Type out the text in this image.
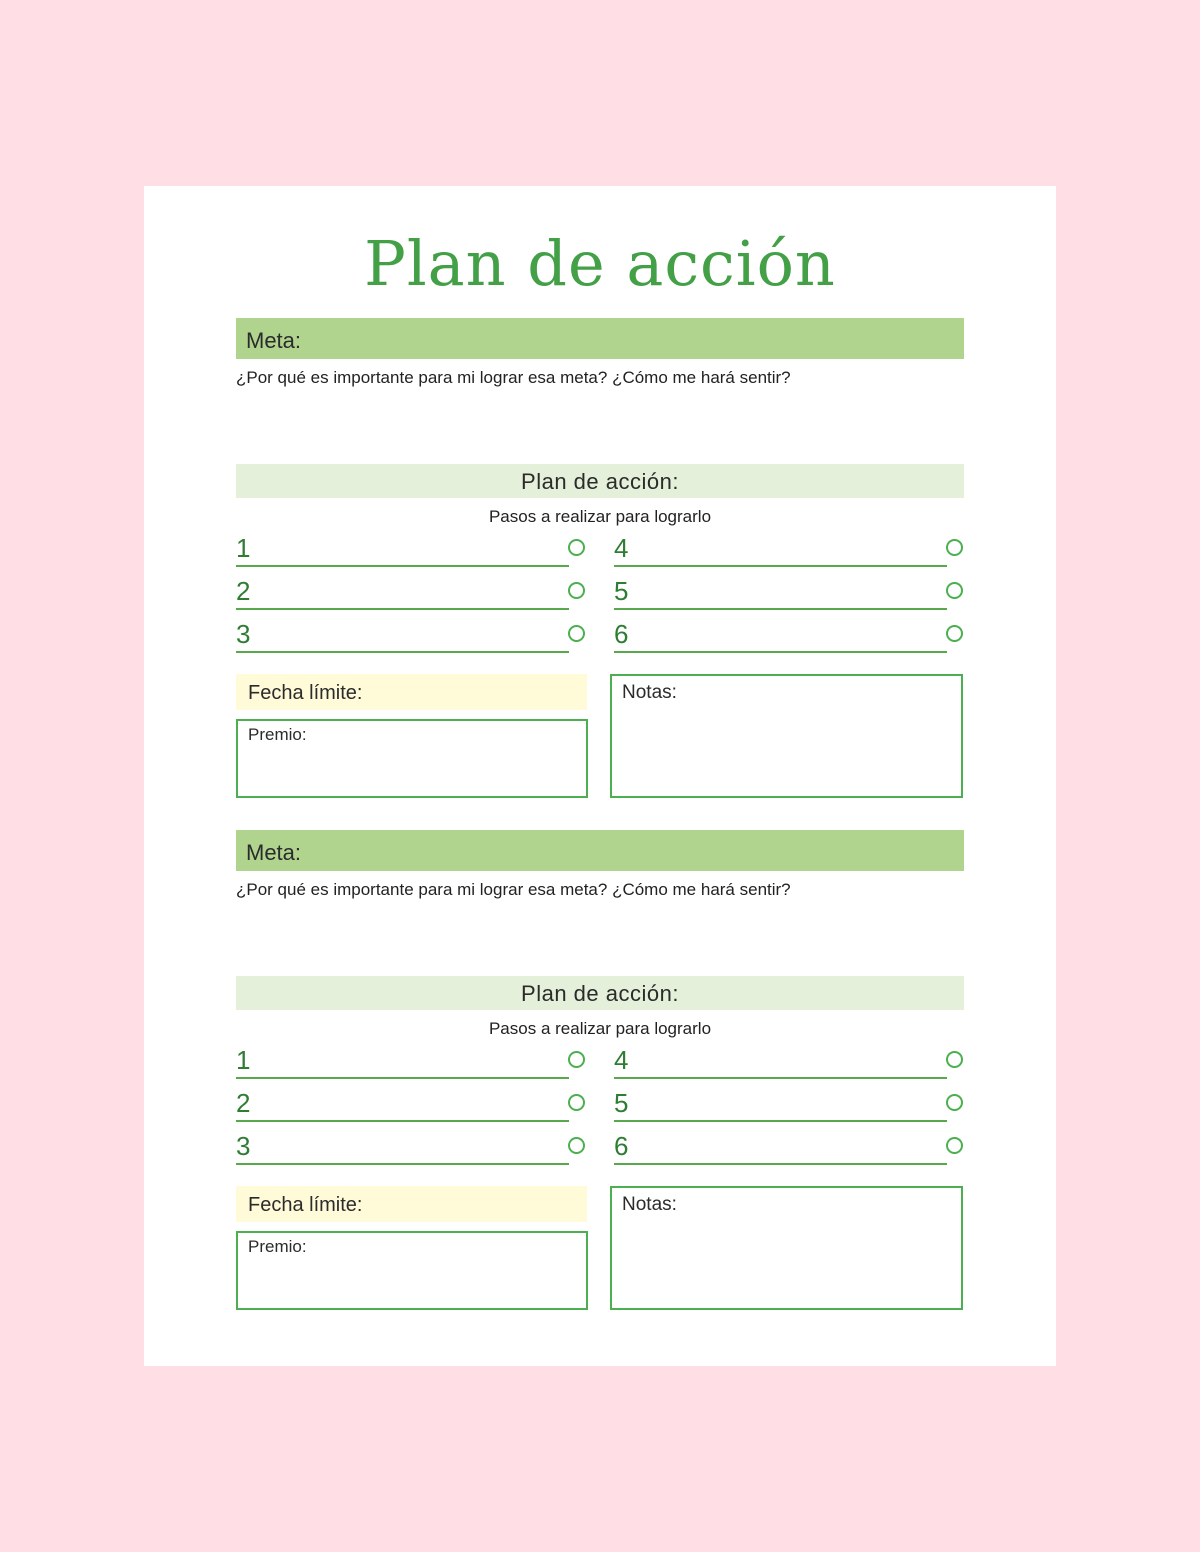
Plan de acción
Meta:
¿Por qué es importante para mi lograr esa meta? ¿Cómo me hará sentir?
Plan de acción:
Pasos a realizar para lograrlo
1
2
3
4
5
6
Fecha límite:
Premio:
Notas:
Meta:
¿Por qué es importante para mi lograr esa meta? ¿Cómo me hará sentir?
Plan de acción:
Pasos a realizar para lograrlo
1
2
3
4
5
6
Fecha límite:
Premio:
Notas:
